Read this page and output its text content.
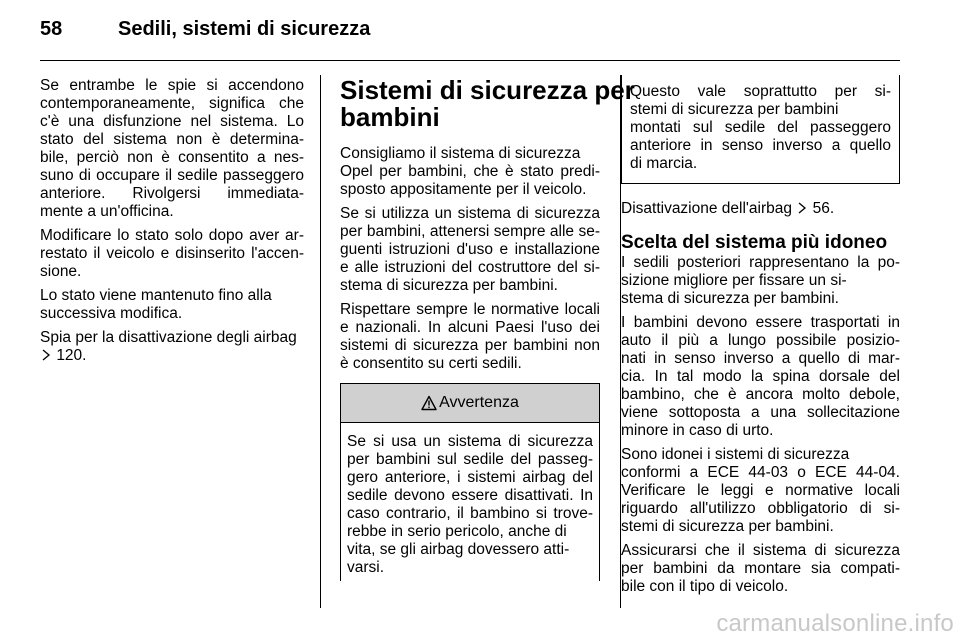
58	Sedili, sistemi di sicurezza

Se entrambe le spie si accendono
contemporaneamente, significa che
c'è una disfunzione nel sistema. Lo
stato del sistema non è determina-
bile, perciò non è consentito a nes-
suno di occupare il sedile passeggero
anteriore. Rivolgersi immediata-
mente a un'officina.

Modificare lo stato solo dopo aver ar-
restato il veicolo e disinserito l'accen-
sione.

Lo stato viene mantenuto fino alla
successiva modifica.

Spia per la disattivazione degli airbag
120.

Sistemi di sicurezza per
bambini

Consigliamo il sistema di sicurezza
Opel per bambini, che è stato predi-
sposto appositamente per il veicolo.

Se si utilizza un sistema di sicurezza
per bambini, attenersi sempre alle se-
guenti istruzioni d'uso e installazione
e alle istruzioni del costruttore del si-
stema di sicurezza per bambini.

Rispettare sempre le normative locali
e nazionali. In alcuni Paesi l'uso dei
sistemi di sicurezza per bambini non
è consentito su certi sedili.

Avvertenza
Se si usa un sistema di sicurezza
per bambini sul sedile del passeg-
gero anteriore, i sistemi airbag del
sedile devono essere disattivati. In
caso contrario, il bambino si trove-
rebbe in serio pericolo, anche di
vita, se gli airbag dovessero atti-
varsi.
Questo vale soprattutto per si-
stemi di sicurezza per bambini
montati sul sedile del passeggero
anteriore in senso inverso a quello
di marcia.

Disattivazione dell'airbag 56.

Scelta del sistema più idoneo

I sedili posteriori rappresentano la po-
sizione migliore per fissare un si-
stema di sicurezza per bambini.

I bambini devono essere trasportati in
auto il più a lungo possibile posizio-
nati in senso inverso a quello di mar-
cia. In tal modo la spina dorsale del
bambino, che è ancora molto debole,
viene sottoposta a una sollecitazione
minore in caso di urto.

Sono idonei i sistemi di sicurezza
conformi a ECE 44-03 o ECE 44-04.
Verificare le leggi e normative locali
riguardo all'utilizzo obbligatorio di si-
stemi di sicurezza per bambini.

Assicurarsi che il sistema di sicurezza
per bambini da montare sia compati-
bile con il tipo di veicolo.

carmanualsonline.info
